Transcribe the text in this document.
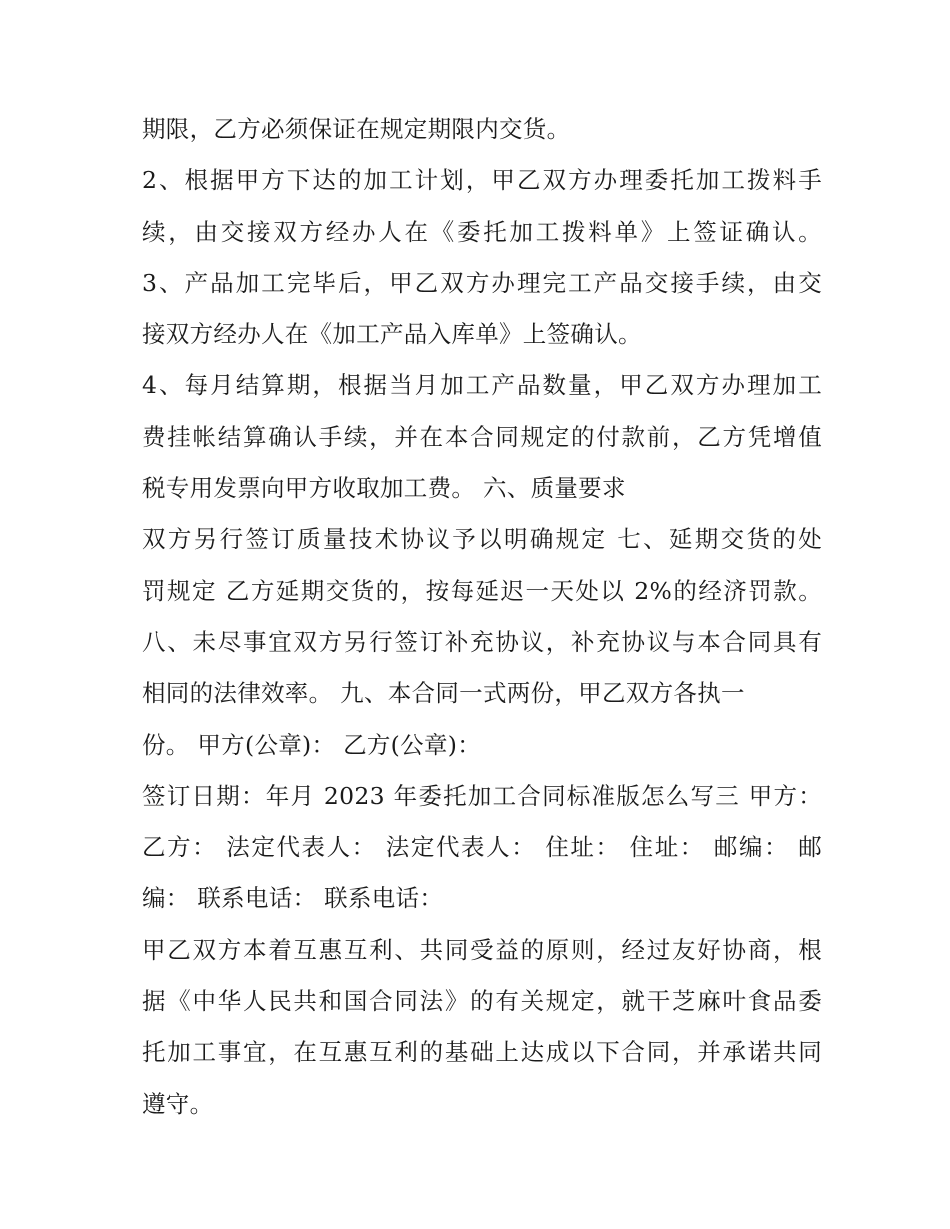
期限，乙方必须保证在规定期限内交货。
2、根据甲方下达的加工计划，甲乙双方办理委托加工拨料手
续，由交接双方经办人在《委托加工拨料单》上签证确认。
3、产品加工完毕后，甲乙双方办理完工产品交接手续，由交
接双方经办人在《加工产品入库单》上签确认。
4、每月结算期，根据当月加工产品数量，甲乙双方办理加工
费挂帐结算确认手续，并在本合同规定的付款前，乙方凭增值
税专用发票向甲方收取加工费。 六、质量要求
双方另行签订质量技术协议予以明确规定 七、延期交货的处
罚规定 乙方延期交货的，按每延迟一天处以 2%的经济罚款。
八、未尽事宜双方另行签订补充协议，补充协议与本合同具有
相同的法律效率。 九、本合同一式两份，甲乙双方各执一
份。 甲方(公章)： 乙方(公章)：
签订日期：年月 2023 年委托加工合同标准版怎么写三 甲方：
乙方： 法定代表人： 法定代表人： 住址： 住址： 邮编： 邮
编： 联系电话： 联系电话：
甲乙双方本着互惠互利、共同受益的原则，经过友好协商，根
据《中华人民共和国合同法》的有关规定，就干芝麻叶食品委
托加工事宜，在互惠互利的基础上达成以下合同，并承诺共同
遵守。
